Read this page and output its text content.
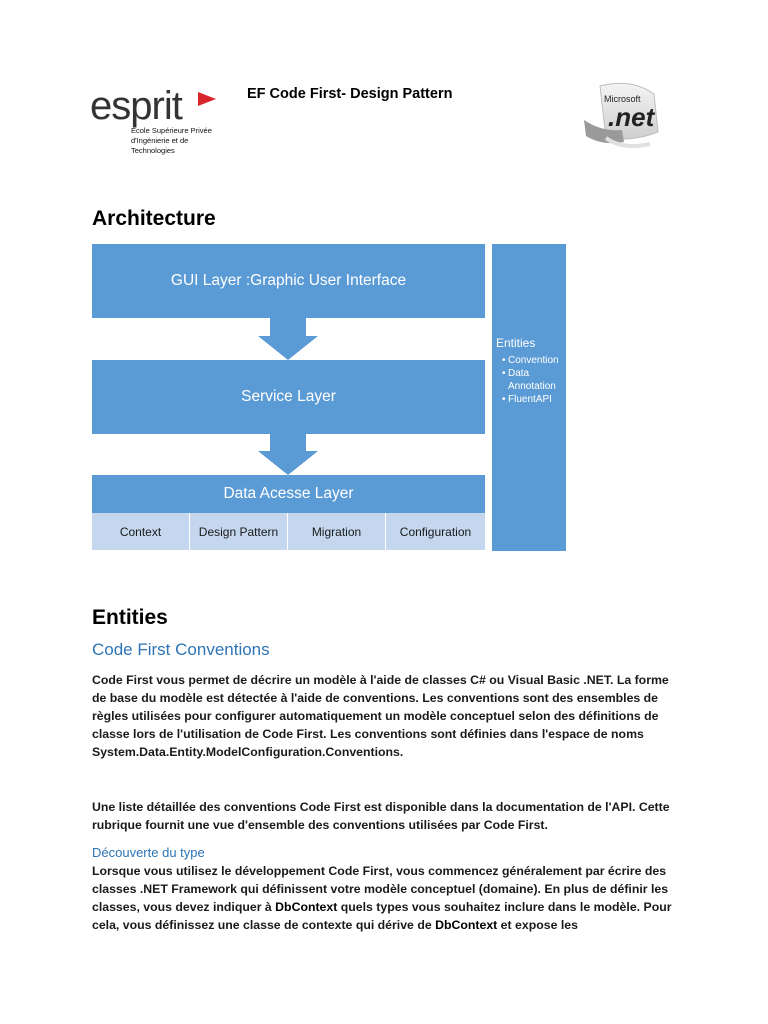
esprit
Ecole Supérieure Privée
d'Ingénierie et de Technologies
EF Code First- Design Pattern	Microsoft
.net
Architecture
GUI Layer :Graphic User Interface
Service Layer
Data Acesse Layer
Context	Design Pattern	Migration	Configuration
Entities
• Convention
• Data Annotation
• FluentAPI
Entities
Code First Conventions
Code First vous permet de décrire un modèle à l'aide de classes C# ou Visual Basic .NET. La forme de base du modèle est détectée à l'aide de conventions. Les conventions sont des ensembles de règles utilisées pour configurer automatiquement un modèle conceptuel selon des définitions de classe lors de l'utilisation de Code First. Les conventions sont définies dans l'espace de noms System.Data.Entity.ModelConfiguration.Conventions.
Une liste détaillée des conventions Code First est disponible dans la documentation de l'API. Cette rubrique fournit une vue d'ensemble des conventions utilisées par Code First.
Découverte du type
Lorsque vous utilisez le développement Code First, vous commencez généralement par écrire des classes .NET Framework qui définissent votre modèle conceptuel (domaine). En plus de définir les classes, vous devez indiquer à DbContext quels types vous souhaitez inclure dans le modèle. Pour cela, vous définissez une classe de contexte qui dérive de DbContext et expose les
